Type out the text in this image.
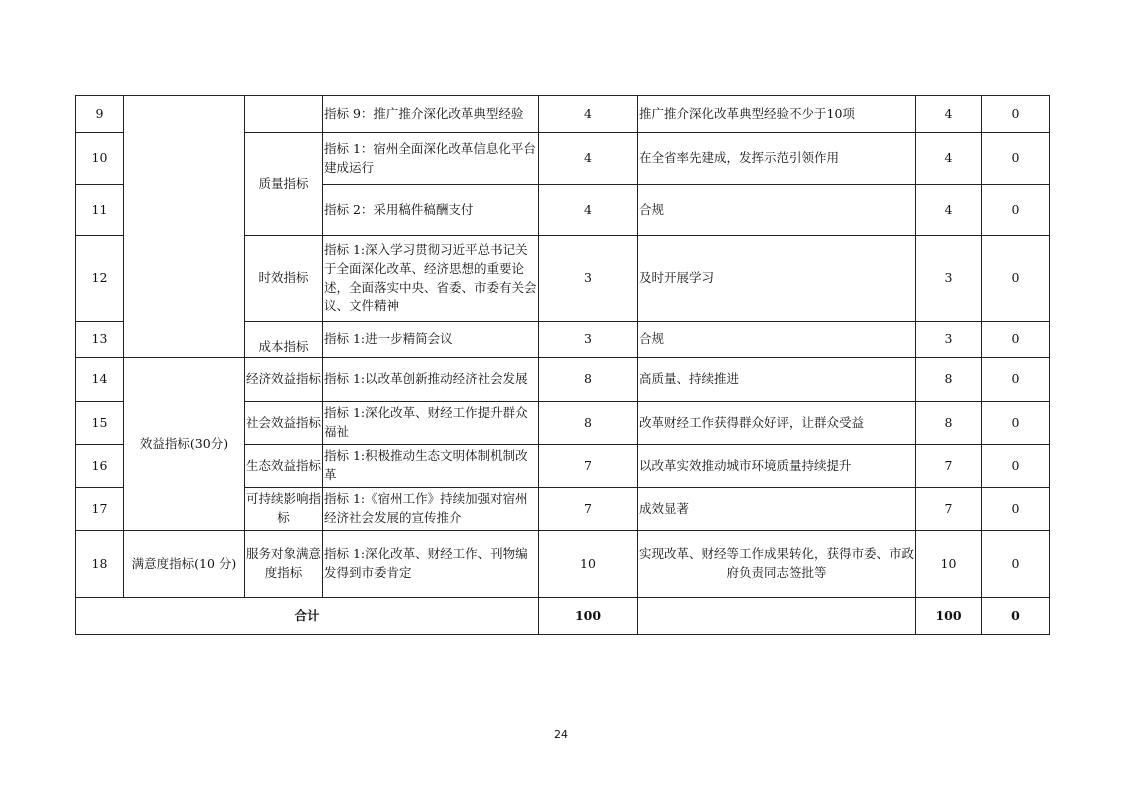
9			指标 9：推广推介深化改革典型经验	4	推广推介深化改革典型经验不少于10项	4	0
10		质量指标	指标 1：宿州全面深化改革信息化平台建成运行	4	在全省率先建成，发挥示范引领作用	4	0
11			指标 2：采用稿件稿酬支付	4	合规	4	0
12		时效指标	指标 1:深入学习贯彻习近平总书记关于全面深化改革、经济思想的重要论述，全面落实中央、省委、市委有关会议、文件精神	3	及时开展学习	3	0
13		成本指标	指标 1:进一步精简会议	3	合规	3	0
14	效益指标(30分)	经济效益指标	指标 1:以改革创新推动经济社会发展	8	高质量、持续推进	8	0
15		社会效益指标	指标 1:深化改革、财经工作提升群众福祉	8	改革财经工作获得群众好评，让群众受益	8	0
16		生态效益指标	指标 1:积极推动生态文明体制机制改革	7	以改革实效推动城市环境质量持续提升	7	0
17		可持续影响指标	指标 1:《宿州工作》持续加强对宿州经济社会发展的宣传推介	7	成效显著	7	0
18	满意度指标(10 分)	服务对象满意度指标	指标 1:深化改革、财经工作、刊物编发得到市委肯定	10	实现改革、财经等工作成果转化，获得市委、市政府负责同志签批等	10	0
合计				100		100	0
24
